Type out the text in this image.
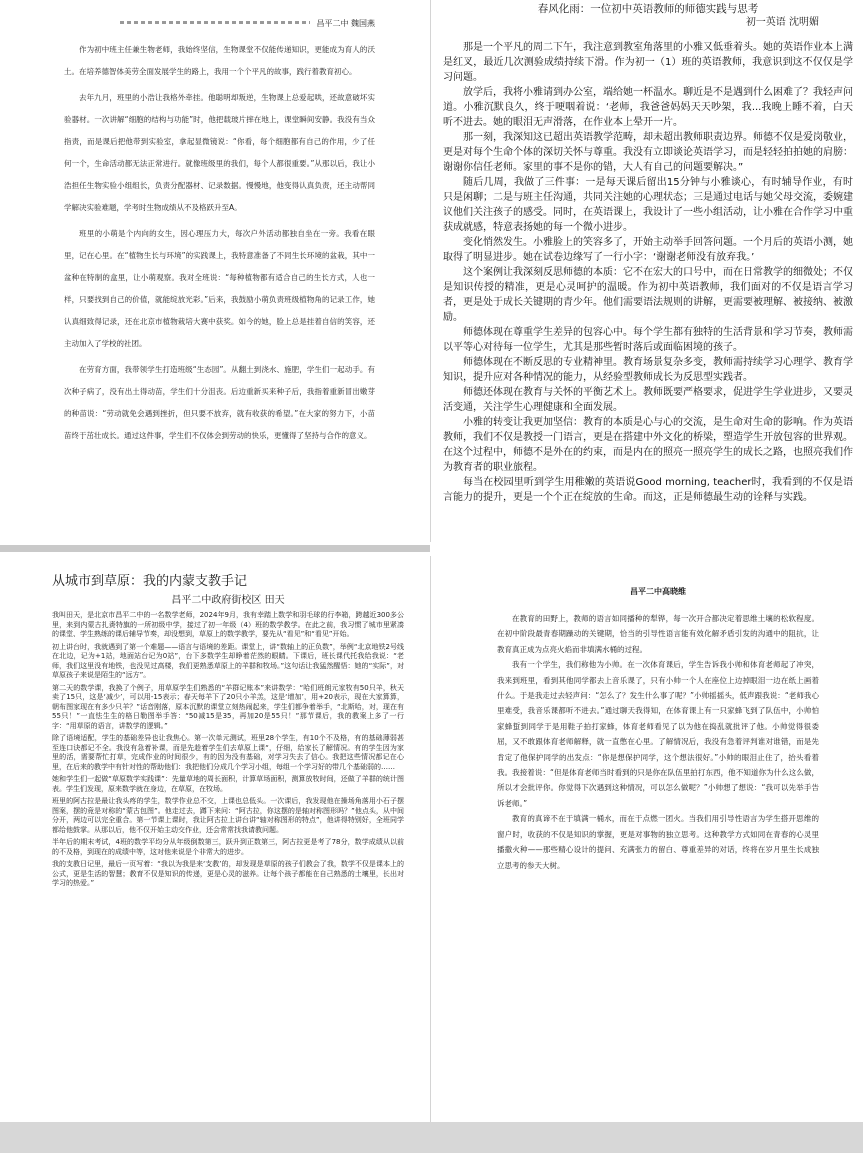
昌平二中 魏国燕

作为初中班主任兼生物老师，我始终坚信，生物课堂不仅能传递知识，更能成为育人的沃土。在培养德智体美劳全面发展学生的路上，我用一个个平凡的故事，践行着教育初心。

去年九月，班里的小浩让我格外牵挂。他聪明却叛逆，生物课上总爱起哄，还故意破坏实验器材。一次讲解“细胞的结构与功能”时，他把载玻片摔在地上，课堂瞬间安静。我没有当众指责，而是课后把他带到实验室，拿起显微镜说：“你看，每个细胞都有自己的作用，少了任何一个，生命活动都无法正常进行。就像班级里的我们，每个人都很重要。”从那以后，我让小浩担任生物实验小组组长，负责分配器材、记录数据。慢慢地，他变得认真负责，还主动帮同学解决实验难题，学考时生物成绩从不及格跃升至A。

班里的小萌是个内向的女生，因心理压力大，每次户外活动都独自坐在一旁。我看在眼里，记在心里。在“植物生长与环境”的实践课上，我特意准备了不同生长环境的盆栽，其中一盆种在特制的盒里，让小萌观察。我对全班说：“每种植物都有适合自己的生长方式，人也一样，只要找到自己的价值，就能绽放光彩。”后来，我鼓励小萌负责班级植物角的记录工作，她认真细致得记录，还在北京市植物栽培大赛中获奖。如今的她，脸上总是挂着自信的笑容，还主动加入了学校的社团。

在劳育方面，我带领学生打造班级“生态园”。从翻土到浇水、施肥，学生们一起动手。有次种子病了，没有出土得动苗，学生们十分沮丧。后边重新买来种子后，我指着重新冒出嫩芽的种苗说：“劳动就免会遇到挫折，但只要不放弃，就有收获的希望。”在大家的努力下，小苗苗终于茁壮成长。通过这件事，学生们不仅体会到劳动的快乐，更懂得了坚持与合作的意义。

春风化雨：一位初中英语教师的师德实践与思考

初一英语 沈明媚

那是一个平凡的周二下午，我注意到教室角落里的小雅又低垂着头。她的英语作业本上满是红叉，最近几次测验成绩持续下滑。作为初一（1）班的英语教师，我意识到这不仅仅是学习问题。

放学后，我将小雅请到办公室，端给她一杯温水。聊近是不是遇到什么困难了？我轻声问道。小雅沉默良久，终于哽咽着说：‘老师，我爸爸妈妈天天吵架，我...我晚上睡不着，白天听不进去。她的眼泪无声滑落，在作业本上晕开一片。

那一刻，我深知这已超出英语教学范畴，却未超出教师职责边界。师德不仅是爱岗敬业，更是对每个生命个体的深切关怀与尊重。我没有立即谈论英语学习，而是轻轻拍拍她的肩膀：谢谢你信任老师。家里的事不是你的错，大人有自己的问题要解决。”

随后几周，我做了三件事：一是每天课后留出15分钟与小雅谈心，有时辅导作业，有时只是闲聊；二是与班主任沟通，共同关注她的心理状态；三是通过电话与她父母交流，委婉建议他们关注孩子的感受。同时，在英语课上，我设计了一些小组活动，让小雅在合作学习中重获成就感，特意表扬她的每一个微小进步。

变化悄然发生。小雅脸上的笑容多了，开始主动举手回答问题。一个月后的英语小测，她取得了明显进步。她在试卷边缘写了一行小字：‘谢谢老师没有放弃我。’

这个案例让我深刻反思师德的本质：它不在宏大的口号中，而在日常教学的细微处；不仅是知识传授的精准，更是心灵呵护的温暖。作为初中英语教师，我们面对的不仅是语言学习者，更是处于成长关键期的青少年。他们需要语法规则的讲解，更需要被理解、被接纳、被激励。

师德体现在尊重学生差异的包容心中。每个学生都有独特的生活背景和学习节奏，教师需以平等心对待每一位学生，尤其是那些暂时落后或面临困境的孩子。

师德体现在不断反思的专业精神里。教育场景复杂多变，教师需持续学习心理学、教育学知识，提升应对各种情况的能力，从经验型教师成长为反思型实践者。

师德还体现在教育与关怀的平衡艺术上。教师既要严格要求，促进学生学业进步，又要灵活变通，关注学生心理健康和全面发展。

小雅的转变让我更加坚信：教育的本质是心与心的交流，是生命对生命的影响。作为英语教师，我们不仅是教授一门语言，更是在搭建中外文化的桥梁，塑造学生开放包容的世界观。在这个过程中，师德不是外在的约束，而是内在的照亮一照亮学生的成长之路，也照亮我们作为教育者的职业旅程。

每当在校园里听到学生用稚嫩的英语说Good morning, teacher时，我看到的不仅是语言能力的提升，更是一个个正在绽放的生命。而这，正是师德最生动的诠释与实践。

从城市到草原：我的内蒙支教手记

昌平二中政府街校区 田天

我叫田天，是北京市昌平二中的一名数学老师，2024年9月，我有幸踏上数学和羽毛球的行李箱，跨越近300多公里，来到内蒙古扎赉特旗的一所初级中学，接过了初一年级（4）班的数学教学。在此之前，我习惯了城市里紧凑的课堂、学生熟练的课后辅导节奏，却没想到，草原上的数学教学，要先从“看见”和“看见”开始。

初上讲台时，我就遇到了第一个难题——语言与语境的差距。课堂上，讲“数轴上的正负数”，举例“北京地铁2号线在北边，记为+1站，地面站台记为0站”，台下多数学生却睁着茫然的眼睛。下课后，班长课代托我给我说：“老师，我们这里没有地铁，也没见过高楼，我们更熟悉草原上的羊群和牧场。”这句话让我猛然醒悟：她的“实际”，对草原孩子来说是陌生的“远方”。

第二天的数学课，我换了个例子，用草原学生们熟悉的“羊群记账本”来讲数学：“哈们班朗元家牧有50只羊，秋天卖了15只，这是‘减少’，可以用-15表示；春天每羊下了20只小羊羔，这是‘增加’，用+20表示，现在大家算算，朝布图家现在有多少只羊？”话音刚落，原本沉默的课堂立刻热闹起来，学生们都争着举手，“北斯哈，对，现在有55只！”一直怯生生的格日勒图举手答：“50减15是35，再加20是55只！”那节课后，我的教案上多了一行字：“用草原的语言，讲数学的逻辑。”

除了语境适配，学生的基础差异也让我焦心。第一次单元测试，班里28个学生，有10个不及格，有的基础薄弱甚至连口诀都记不全。我没有急着补课，而是先趁着学生们去草原上课“，仔细，给家长了解情况。有的学生因为家里的活，需要帮忙打草，完成作业的时间很少，有的因为没有基础，对学习失去了信心。我把这些情况都记在心里，在后来的教学中有针对性的帮助他们：我把他们分成几个学习小组，每组一个学习好的带几个基础弱的……

她和学生们一起做“草原数学实践课”：先量草地的周长面积，计算草场面积，测算放牧时间，还做了羊群的统计图表。学生们发现，原来数学就在身边，在草原，在牧场。

班里的阿古拉是最让我头疼的学生，数学作业总不交，上课也总低头。一次课后，我发现他在操场角落用小石子摆图案，摆的竟是对称的“蒙古包图”。他走过去，蹲下来问：“阿古拉，你这摆的是轴对称图形吗？”他点头，从中间分开，两边可以完全重合。第一节课上课时，我让阿古拉上讲台讲“轴对称图形的特点”，他讲得特别好，全班同学都给他鼓掌。从那以后，他不仅开始主动交作业，还会常常找我请教问题。

半年后的期末考试，4班的数学平均分从年级倒数第三，跃升到正数第三，阿古拉更是考了78分，数学成绩从以前的不及格，到现在的成绩中等，这对他来说是个非常大的进步。

我的支教日记里，最后一页写着：“我以为我是来‘支教’的，却发现是草原的孩子们教会了我，数学不仅是课本上的公式，更是生活的智慧；教育不仅是知识的传递，更是心灵的滋养。让每个孩子都能在自己熟悉的土壤里，长出对学习的热爱。”

昌平二中高晓维

在教育的田野上，教师的语言如同播种的犁铧，每一次开合都决定着思维土壤的松软程度。在初中阶段最青春期躁动的关键期，恰当的引导性语言能有效化解矛盾引发的沟通中的阻抗，让教育真正成为点亮火焰而非填满水桶的过程。

我有一个学生，我们称他为小帅。在一次体育课后，学生告诉我小帅和体育老师起了冲突，我来到班里，看到其他同学都去上音乐课了，只有小帅一个人在座位上边掉眼泪一边在纸上画着什么。于是我走过去轻声问：“怎么了？发生什么事了呢？”小帅摇摇头，低声跟我说：“老师我心里难受，我音乐课都听不进去。”通过聊天我得知，在体育课上有一只家蜂飞到了队伍中，小帅怕家蜂蜇到同学于是用鞋子拍打家蜂，体育老师看见了以为他在捣乱就批评了他。小帅觉得很委屈，又不敢跟体育老师解释，就一直憋在心里。了解情况后，我没有急着评判谁对谁错，而是先肯定了他保护同学的出发点：“你是想保护同学，这个想法很好。”小帅的眼泪止住了，抬头看着我。我接着说：“但是体育老师当时看到的只是你在队伍里拍打东西，他不知道你为什么这么做，所以才会批评你。你觉得下次遇到这种情况，可以怎么做呢？”小帅想了想说：“我可以先举手告诉老师。”

教育的真谛不在于填满一桶水，而在于点燃一团火。当我们用引导性语言为学生搭开思维的窗户时，收获的不仅是知识的掌握，更是对事物的独立思考。这种教学方式如同在青春的心灵里播撒火种——那些精心设计的提问、充满张力的留白、尊重差异的对话，终将在岁月里生长成独立思考的参天大树。
